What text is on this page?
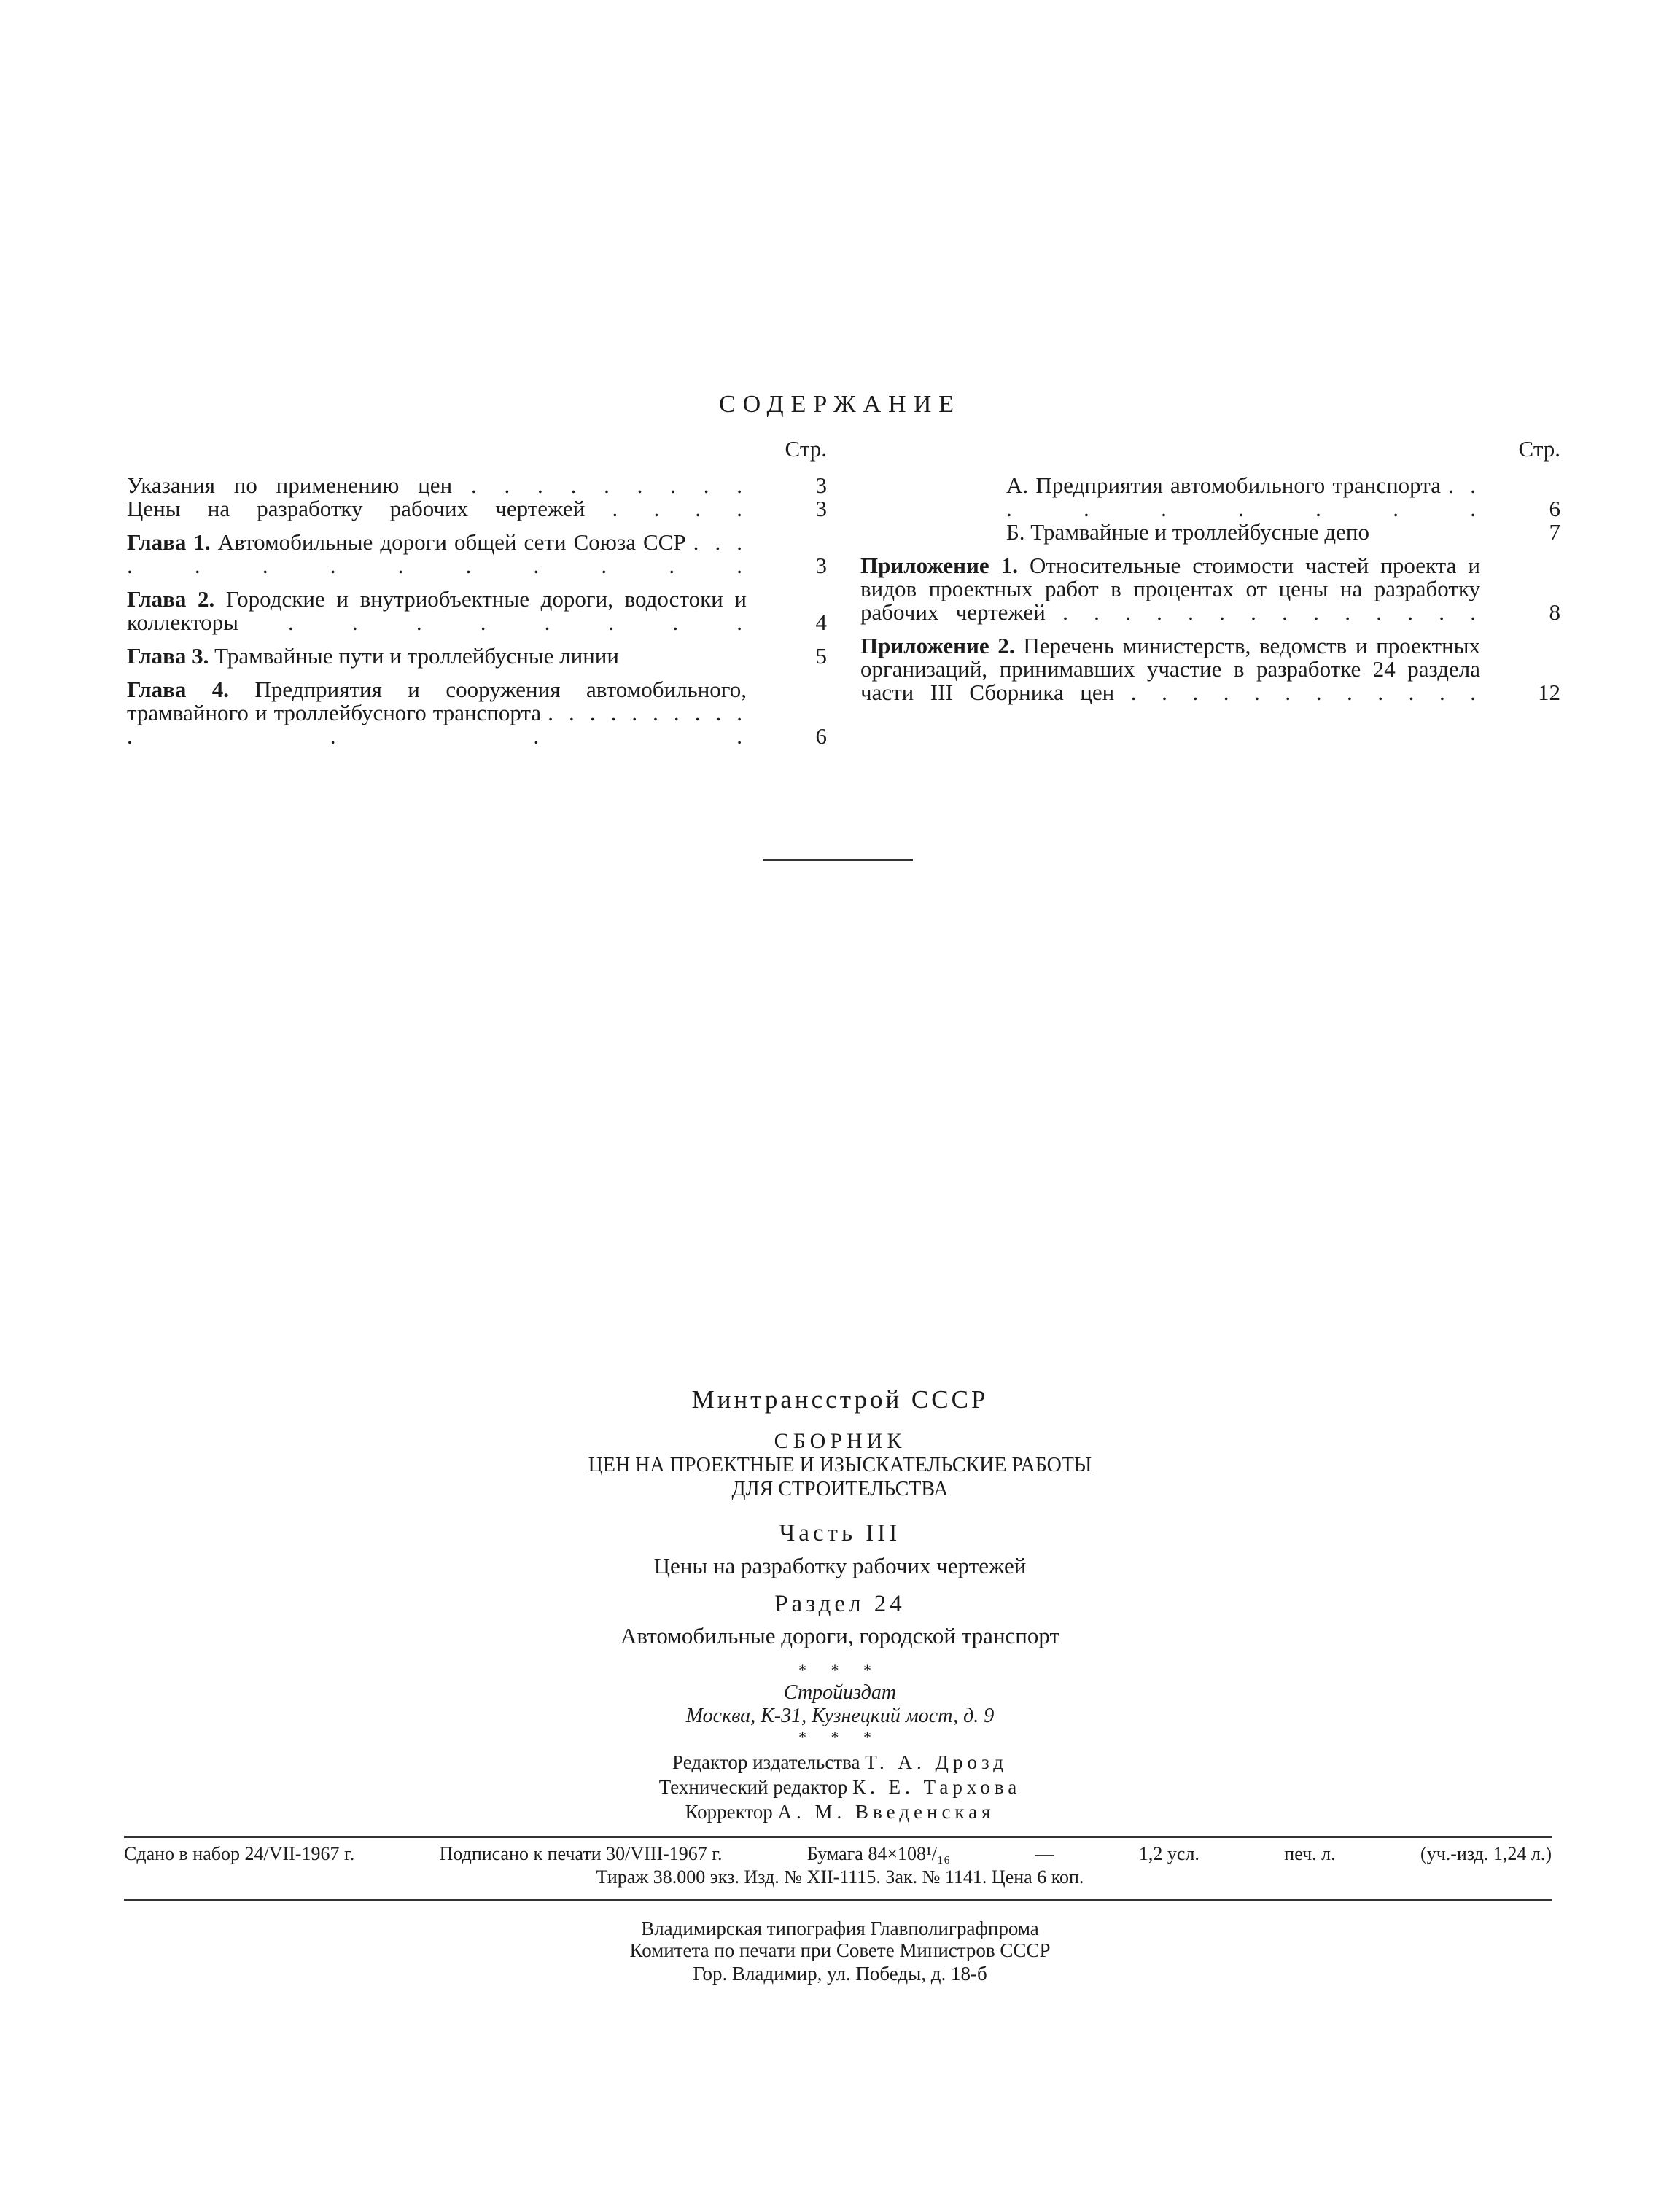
СОДЕРЖАНИЕ
Стр.
Указания по применению цен . . . . . . . . .	3
Цены на разработку рабочих чертежей . . . .	3
Глава 1. Автомобильные дороги общей сети Союза ССР . . . . . . . . . . . . .	3
Глава 2. Городские и внутриобъектные дороги, водостоки и коллекторы . . . . . . . .	4
Глава 3. Трамвайные пути и троллейбусные линии	5
Глава 4. Предприятия и сооружения автомобильного, трамвайного и троллейбусного транспорта . . . . . . . . . . . . . .	6
Стр.
А. Предприятия автомобильного транспорта . . . . . . . . .	6
Б. Трамвайные и троллейбусные депо	7
Приложение 1. Относительные стоимости частей проекта и видов проектных работ в процентах от цены на разработку рабочих чертежей . . . . . . . . . . . . . .	8
Приложение 2. Перечень министерств, ведомств и проектных организаций, принимавших участие в разработке 24 раздела части III Сборника цен . . . . . . . . . . . .	12
Минтрансстрой СССР
СБОРНИК
ЦЕН НА ПРОЕКТНЫЕ И ИЗЫСКАТЕЛЬСКИЕ РАБОТЫ
ДЛЯ СТРОИТЕЛЬСТВА
Часть III
Цены на разработку рабочих чертежей
Раздел 24
Автомобильные дороги, городской транспорт
* * *
Стройиздат
Москва, К-31, Кузнецкий мост, д. 9
* * *
Редактор издательства Т. А. Дрозд
Технический редактор К. Е. Тархова
Корректор А. М. Введенская
Сдано в набор 24/VII-1967 г.	Подписано к печати 30/VIII-1967 г.	Бумага 84×108¹/₁₆	—	1,2 усл.	печ. л.	(уч.-изд. 1,24 л.)
Тираж 38.000 экз. Изд. № XII-1115. Зак. № 1141. Цена 6 коп.
Владимирская типография Главполиграфпрома
Комитета по печати при Совете Министров СССР
Гор. Владимир, ул. Победы, д. 18-б
